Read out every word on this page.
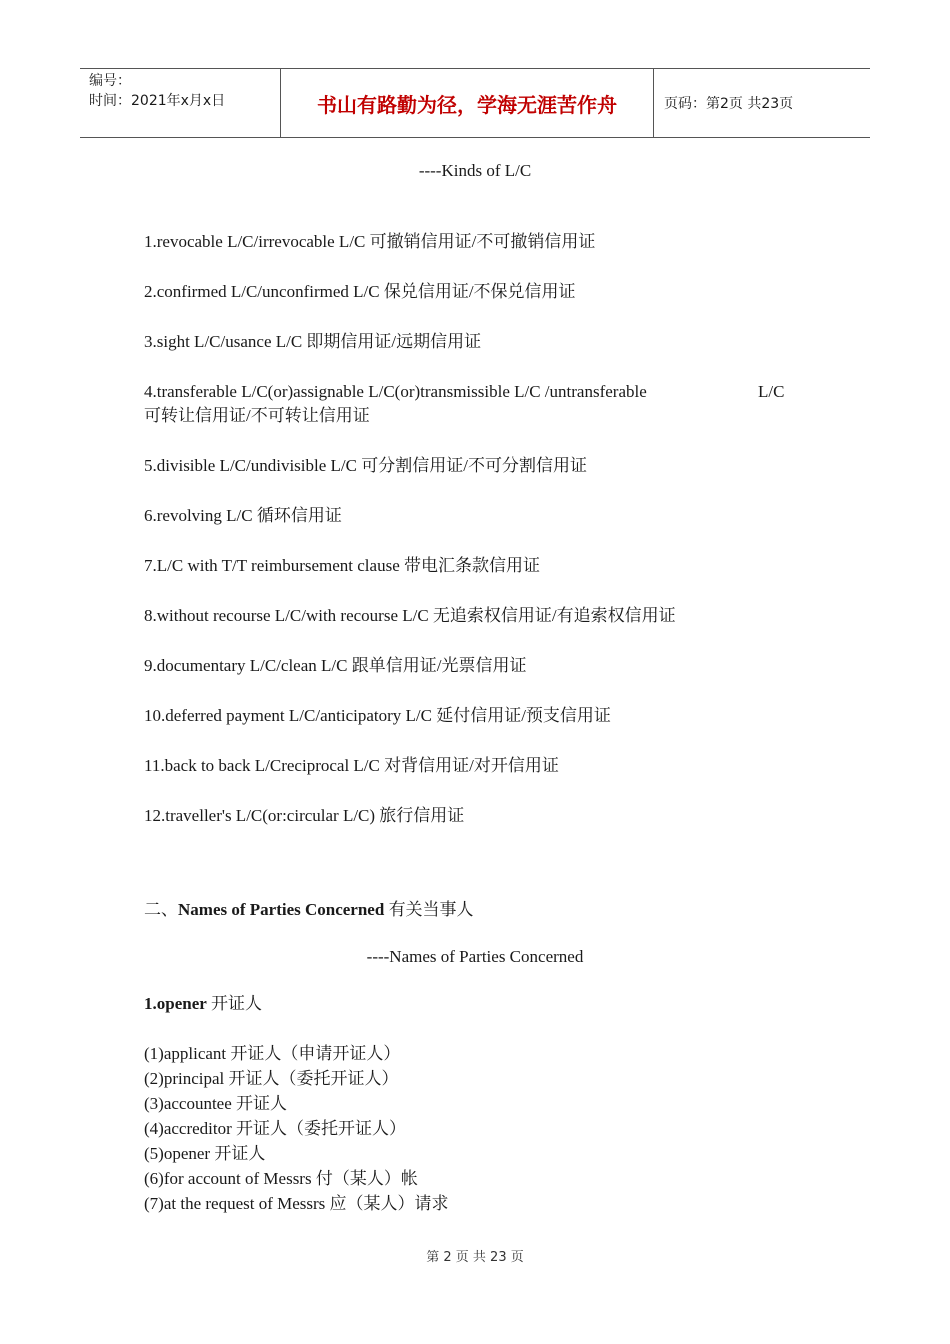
编号：
时间：2021年x月x日	书山有路勤为径，学海无涯苦作舟	页码：第2页 共23页
----Kinds of L/C
1.revocable L/C/irrevocable L/C 可撤销信用证/不可撤销信用证
2.confirmed L/C/unconfirmed L/C 保兑信用证/不保兑信用证
3.sight L/C/usance L/C 即期信用证/远期信用证
4.transferable L/C(or)assignable L/C(or)transmissible L/C /untransferable	L/C
可转让信用证/不可转让信用证
5.divisible L/C/undivisible L/C 可分割信用证/不可分割信用证
6.revolving L/C 循环信用证
7.L/C with T/T reimbursement clause 带电汇条款信用证
8.without recourse L/C/with recourse L/C 无追索权信用证/有追索权信用证
9.documentary L/C/clean L/C 跟单信用证/光票信用证
10.deferred payment L/C/anticipatory L/C 延付信用证/预支信用证
11.back to back L/Creciprocal L/C 对背信用证/对开信用证
12.traveller's L/C(or:circular L/C) 旅行信用证
二、Names of Parties Concerned 有关当事人
1.opener 开证人
(1)applicant 开证人（申请开证人）
(2)principal 开证人（委托开证人）
(3)accountee 开证人
(4)accreditor 开证人（委托开证人）
(5)opener 开证人
(6)for account of Messrs 付（某人）帐
(7)at the request of Messrs 应（某人）请求
----Names of Parties Concerned
第 2 页 共 23 页
